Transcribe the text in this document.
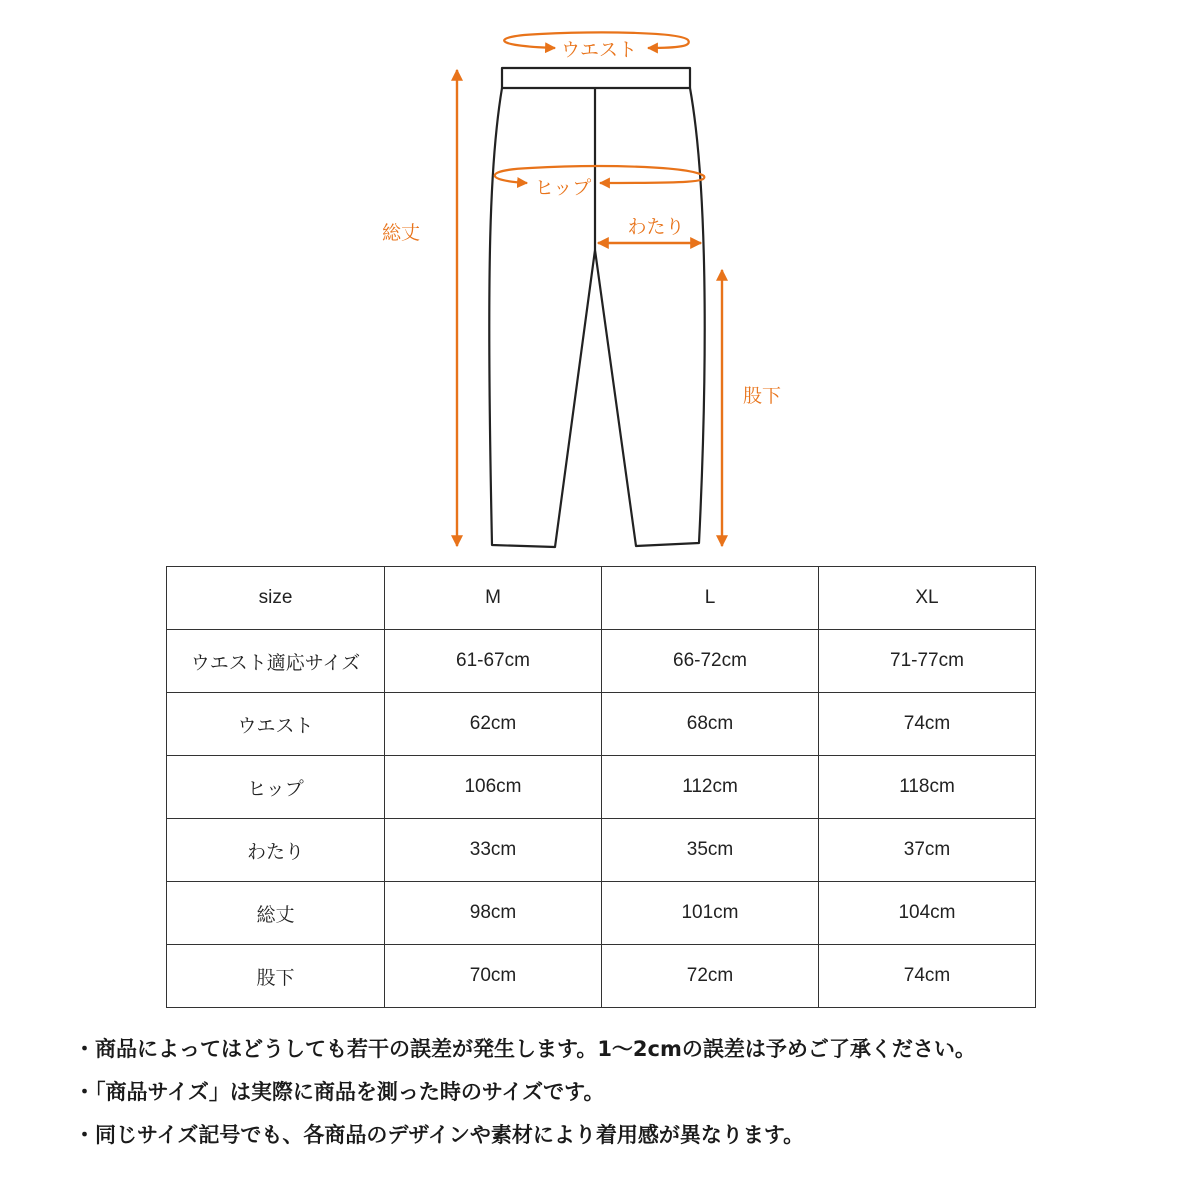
ウエスト
ヒップ
わたり
総丈
股下
size	M	L	XL
ウエスト適応サイズ	61-67cm	66-72cm	71-77cm
ウエスト	62cm	68cm	74cm
ヒップ	106cm	112cm	118cm
わたり	33cm	35cm	37cm
総丈	98cm	101cm	104cm
股下	70cm	72cm	74cm
・商品によってはどうしても若干の誤差が発生します。1～2cmの誤差は予めご了承ください。
・「商品サイズ」は実際に商品を測った時のサイズです。
・同じサイズ記号でも、各商品のデザインや素材により着用感が異なります。
